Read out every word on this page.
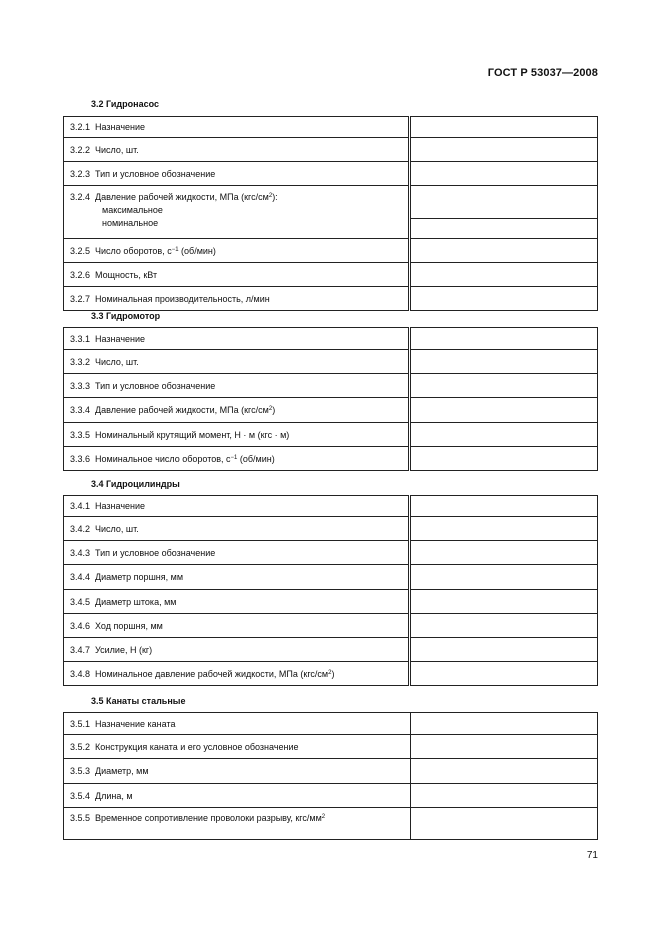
ГОСТ Р 53037—2008
3.2 Гидронасос
3.2.1 Назначение	
3.2.2 Число, шт.	
3.2.3 Тип и условное обозначение	
3.2.4 Давление рабочей жидкости, МПа $(кгс/см^2)$:
максимальное
номинальное

3.2.5 Число оборотов, $с^{-1}$ (об/мин)	
3.2.6 Мощность, кВт	
3.2.7 Номинальная производительность, л/мин	
3.3 Гидромотор
3.3.1 Назначение	
3.3.2 Число, шт.	
3.3.3 Тип и условное обозначение	
3.3.4 Давление рабочей жидкости, МПа $(кгс/см^2)$	
3.3.5 Номинальный крутящий момент, Н · м (кгс · м)	
3.3.6 Номинальное число оборотов, $с^{-1}$ (об/мин)	
3.4 Гидроцилиндры
3.4.1 Назначение	
3.4.2 Число, шт.	
3.4.3 Тип и условное обозначение	
3.4.4 Диаметр поршня, мм	
3.4.5 Диаметр штока, мм	
3.4.6 Ход поршня, мм	
3.4.7 Усилие, Н (кг)	
3.4.8 Номинальное давление рабочей жидкости, МПа $(кгс/см^2)$	
3.5 Канаты стальные
3.5.1 Назначение каната	
3.5.2 Конструкция каната и его условное обозначение	
3.5.3 Диаметр, мм	
3.5.4 Длина, м	
3.5.5 Временное сопротивление проволоки разрыву, кгс/$мм^2$	
71
